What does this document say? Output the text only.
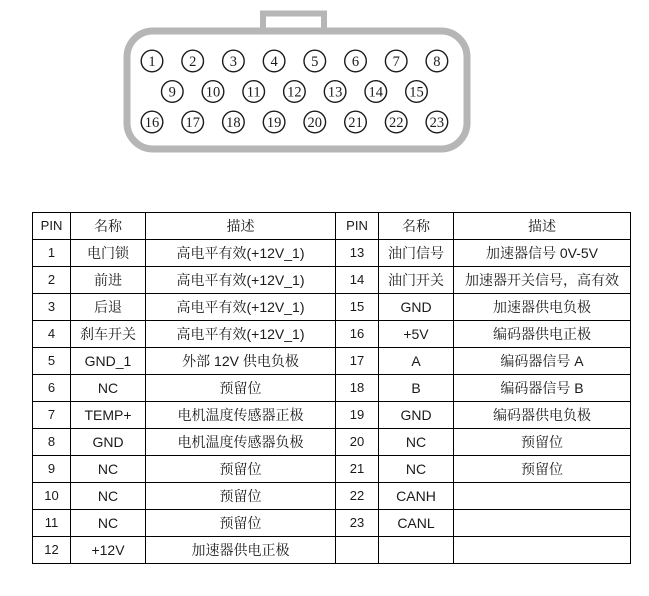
1 2 3 4 5 6 7 8
9 10 11 12 13 14 15
16 17 18 19 20 21 22 23
PIN	名称	描述	PIN	名称	描述
1	电门锁	高电平有效(+12V_1)	13	油门信号	加速器信号 0V-5V
2	前进	高电平有效(+12V_1)	14	油门开关	加速器开关信号，高有效
3	后退	高电平有效(+12V_1)	15	GND	加速器供电负极
4	刹车开关	高电平有效(+12V_1)	16	+5V	编码器供电正极
5	GND_1	外部 12V 供电负极	17	A	编码器信号 A
6	NC	预留位	18	B	编码器信号 B
7	TEMP+	电机温度传感器正极	19	GND	编码器供电负极
8	GND	电机温度传感器负极	20	NC	预留位
9	NC	预留位	21	NC	预留位
10	NC	预留位	22	CANH	
11	NC	预留位	23	CANL	
12	+12V	加速器供电正极			
